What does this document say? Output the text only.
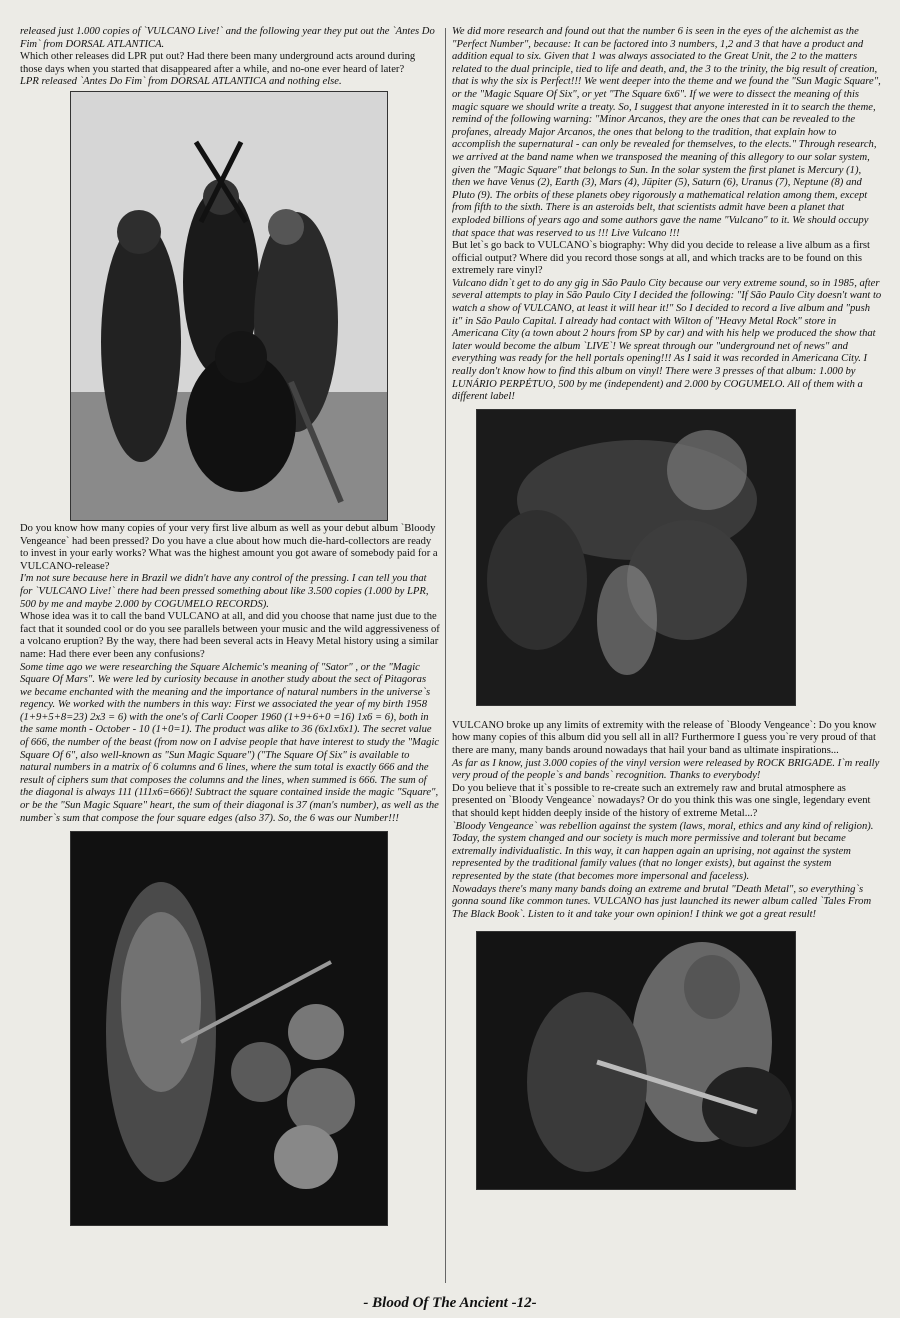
released just 1.000 copies of `VULCANO Live!` and the following year they put out the `Antes Do Fim` from DORSAL ATLANTICA.

Which other releases did LPR put out? Had there been many underground acts around during those days when you started that disappeared after a while, and no-one ever heard of later?

LPR released `Antes Do Fim` from DORSAL ATLANTICA and nothing else.

Do you know how many copies of your very first live album as well as your debut album `Bloody Vengeance` had been pressed? Do you have a clue about how much die-hard-collectors are ready to invest in your early works? What was the highest amount you got aware of somebody paid for a VULCANO-release?

I'm not sure because here in Brazil we didn't have any control of the pressing. I can tell you that for `VULCANO Live!` there had been pressed something about like 3.500 copies (1.000 by LPR, 500 by me and maybe 2.000 by COGUMELO RECORDS).

Whose idea was it to call the band VULCANO at all, and did you choose that name just due to the fact that it sounded cool or do you see parallels between your music and the wild aggressiveness of a volcano eruption? By the way, there had been several acts in Heavy Metal history using a similar name: Had there ever been any confusions?

Some time ago we were researching the Square Alchemic's meaning of "Sator" , or the "Magic Square Of Mars". We were led by curiosity because in another study about the sect of Pitagoras we became enchanted with the meaning and the importance of natural numbers in the universe`s regency. We worked with the numbers in this way: First we associated the year of my birth 1958 (1+9+5+8=23) 2x3 = 6) with the one's of Carli Cooper 1960 (1+9+6+0 =16) 1x6 = 6), both in the same month - October - 10 (1+0=1). The product was alike to 36 (6x1x6x1). The secret value of 666, the number of the beast (from now on I advise people that have interest to study the "Magic Square Of 6", also well-known as "Sun Magic Square") ("The Square Of Six" is available to natural numbers in a matrix of 6 columns and 6 lines, where the sum total is exactly 666 and the result of ciphers sum that composes the columns and the lines, when summed is 666. The sum of the diagonal is always 111 (111x6=666)! Subtract the square contained inside the magic "Square", or be the "Sun Magic Square" heart, the sum of their diagonal is 37 (man's number), as well as the number`s sum that compose the four square edges (also 37). So, the 6 was our Number!!!

We did more research and found out that the number 6 is seen in the eyes of the alchemist as the "Perfect Number", because: It can be factored into 3 numbers, 1,2 and 3 that have a product and addition equal to six. Given that 1 was always associated to the Great Unit, the 2 to the matters related to the dual principle, tied to life and death, and, the 3 to the trinity, the big result of creation, that is why the six is Perfect!!! We went deeper into the theme and we found the "Sun Magic Square", or the "Magic Square Of Six", or yet "The Square 6x6". If we were to dissect the meaning of this magic square we should write a treaty. So, I suggest that anyone interested in it to search the theme, remind of the following warning: "Minor Arcanos, they are the ones that can be revealed to the profanes, already Major Arcanos, the ones that belong to the tradition, that explain how to accomplish the supernatural - can only be revealed for themselves, to the elects." Through research, we arrived at the band name when we transposed the meaning of this allegory to our solar system, given the "Magic Square" that belongs to Sun. In the solar system the first planet is Mercury (1), then we have Venus (2), Earth (3), Mars (4), Jüpiter (5), Saturn (6), Uranus (7), Neptune (8) and Pluto (9). The orbits of these planets obey rigorously a mathematical relation among them, except from fifth to the sixth. There is an asteroids belt, that scientists admit have been a planet that exploded billions of years ago and some authors gave the name "Vulcano" to it. We should occupy that space that was reserved to us !!! Live Vulcano !!!

But let`s go back to VULCANO`s biography: Why did you decide to release a live album as a first official output? Where did you record those songs at all, and which tracks are to be found on this extremely rare vinyl?

Vulcano didn`t get to do any gig in São Paulo City because our very extreme sound, so in 1985, after several attempts to play in São Paulo City I decided the following: "If São Paulo City doesn't want to watch a show of VULCANO, at least it will hear it!" So I decided to record a live album and "push it" in São Paulo Capital. I already had contact with Wilton of "Heavy Metal Rock" store in Americana City (a town about 2 hours from SP by car) and with his help we produced the show that later would become the album `LIVE`! We spreat through our "underground net of news" and everything was ready for the hell portals opening!!! As I said it was recorded in Americana City. I really don't know how to find this album on vinyl! There were 3 presses of that album: 1.000 by LUNÁRIO PERPÉTUO, 500 by me (independent) and 2.000 by COGUMELO. All of them with a different label!

VULCANO broke up any limits of extremity with the release of `Bloody Vengeance`: Do you know how many copies of this album did you sell all in all? Furthermore I guess you`re very proud of that there are many, many bands around nowadays that hail your band as ultimate inspirations...

As far as I know, just 3.000 copies of the vinyl version were released by ROCK BRIGADE. I`m really very proud of the people`s and bands` recognition. Thanks to everybody!

Do you believe that it`s possible to re-create such an extremely raw and brutal atmosphere as presented on `Bloody Vengeance` nowadays? Or do you think this was one single, legendary event that should kept hidden deeply inside of the history of extreme Metal...?

`Bloody Vengeance` was rebellion against the system (laws, moral, ethics and any kind of religion). Today, the system changed and our society is much more permissive and tolerant but became extremally individualistic. In this way, it can happen again an uprising, not against the system represented by the traditional family values (that no longer exists), but against the system represented by the state (that becomes more impersonal and faceless).

Nowadays there's many many bands doing an extreme and brutal "Death Metal", so everything`s gonna sound like common tunes. VULCANO has just launched its newer album called `Tales From The Black Book`. Listen to it and take your own opinion! I think we got a great result!

- Blood Of The Ancient -12-
